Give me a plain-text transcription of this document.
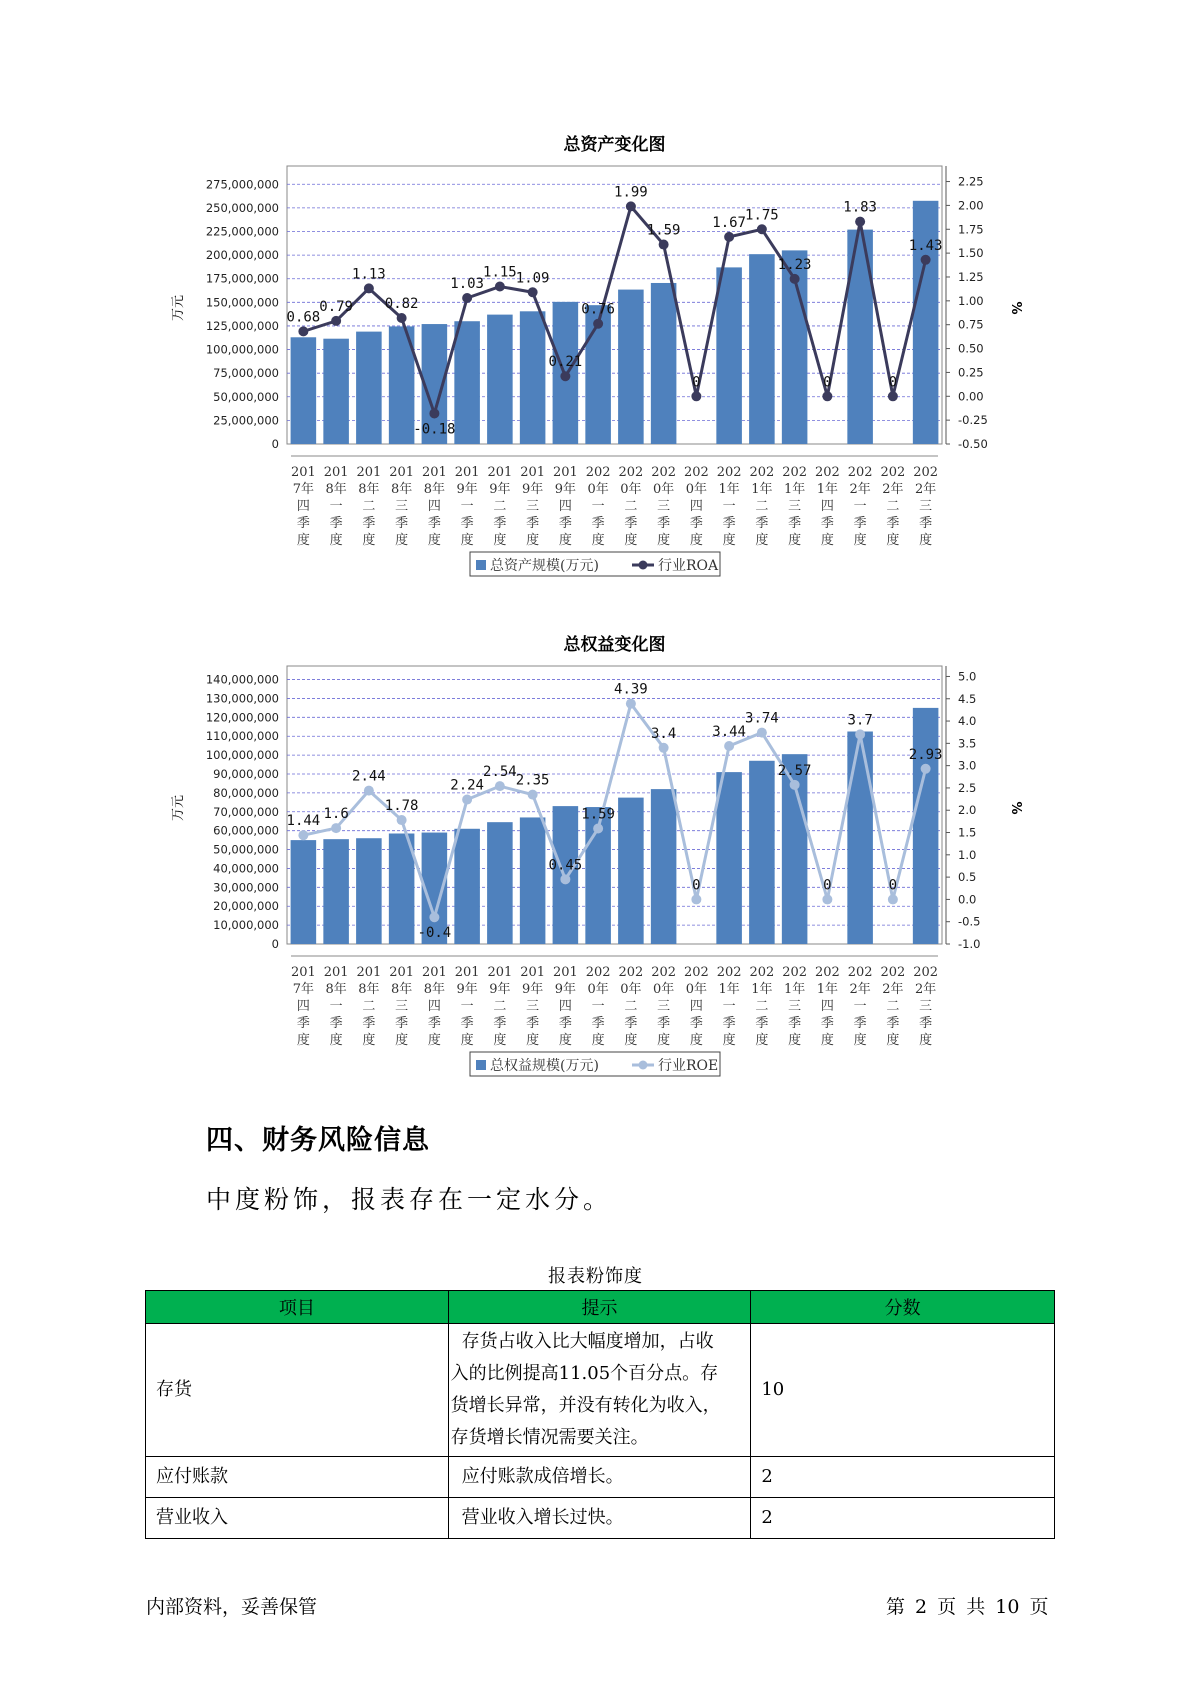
总资产变化图
0
25,000,000
50,000,000
75,000,000
100,000,000
125,000,000
150,000,000
175,000,000
200,000,000
225,000,000
250,000,000
275,000,000
-0.50
-0.25
0.00
0.25
0.50
0.75
1.00
1.25
1.50
1.75
2.00
2.25
万元	%
0.68
0.79
1.13
0.82
-0.18
1.03
1.15 1.09
0.21
0.76
1.99
1.59
0
1.67 1.75
1.23
0
1.83
0
1.43
201
7年
四
季
度
201
8年
一
季
度
201
8年
二
季
度
201
8年
三
季
度
201
8年
四
季
度
201
9年
一
季
度
201
9年
二
季
度
201
9年
三
季
度
201
9年
四
季
度
202
0年
一
季
度
202
0年
二
季
度
202
0年
三
季
度
202
0年
四
季
度
202
1年
一
季
度
202
1年
二
季
度
202
1年
三
季
度
202
1年
四
季
度
202
2年
一
季
度
202
2年
二
季
度
202
2年
三
季
度
总资产规模(万元)	行业ROA
总权益变化图
0
10,000,000
20,000,000
30,000,000
40,000,000
50,000,000
60,000,000
70,000,000
80,000,000
90,000,000
100,000,000
110,000,000
120,000,000
130,000,000
140,000,000
-1.0
-0.5
0.0
0.5
1.0
1.5
2.0
2.5
3.0
3.5
4.0
4.5
5.0
万元	%
1.44 1.6
2.44
1.78
-0.4
2.24
2.54
2.35
0.45
1.59
4.39
3.4
0
3.44
3.74
2.57
0
3.7
0
2.93
201
7年
四
季
度
201
8年
一
季
度
201
8年
二
季
度
201
8年
三
季
度
201
8年
四
季
度
201
9年
一
季
度
201
9年
二
季
度
201
9年
三
季
度
201
9年
四
季
度
202
0年
一
季
度
202
0年
二
季
度
202
0年
三
季
度
202
0年
四
季
度
202
1年
一
季
度
202
1年
二
季
度
202
1年
三
季
度
202
1年
四
季
度
202
2年
一
季
度
202
2年
二
季
度
202
2年
三
季
度
总权益规模(万元)	行业ROE
四、财务风险信息
中度粉饰，报表存在一定水分。
报表粉饰度
项目	提示	分数
存货	存货占收入比大幅度增加，占收
入的比例提高11.05个百分点。存
货增长异常，并没有转化为收入，
存货增长情况需要关注。	10
应付账款	应付账款成倍增长。	2
营业收入	营业收入增长过快。	2
内部资料，妥善保管	第 2 页 共 10 页
